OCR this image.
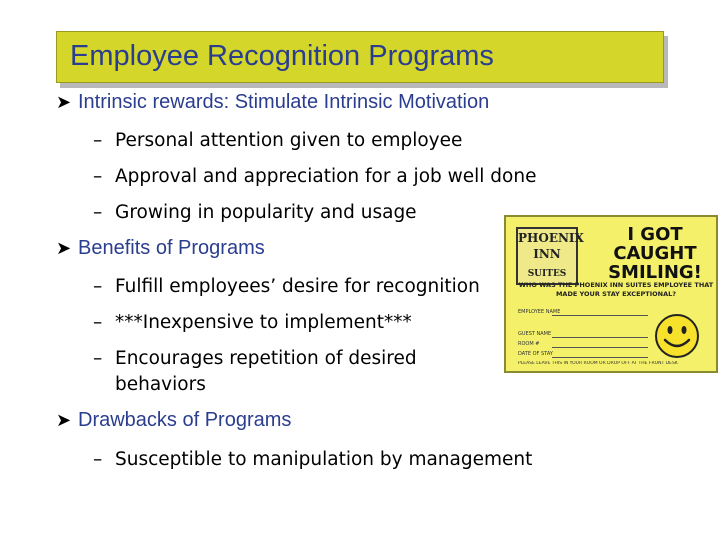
Employee Recognition Programs
➤ Intrinsic rewards: Stimulate Intrinsic Motivation
– Personal attention given to employee
– Approval and appreciation for a job well done
– Growing in popularity and usage
➤ Benefits of Programs
– Fulfill employees’ desire for recognition
– ***Inexpensive to implement***
– Encourages repetition of desired behaviors
➤ Drawbacks of Programs
– Susceptible to manipulation by management
PHOENIX
INN
SUITES
I GOT CAUGHT SMILING!
WHO WAS THE PHOENIX INN SUITES EMPLOYEE THAT MADE YOUR STAY EXCEPTIONAL?
EMPLOYEE NAME
GUEST NAME
ROOM #
DATE OF STAY
PLEASE LEAVE THIS IN YOUR ROOM OR DROP OFF AT THE FRONT DESK
